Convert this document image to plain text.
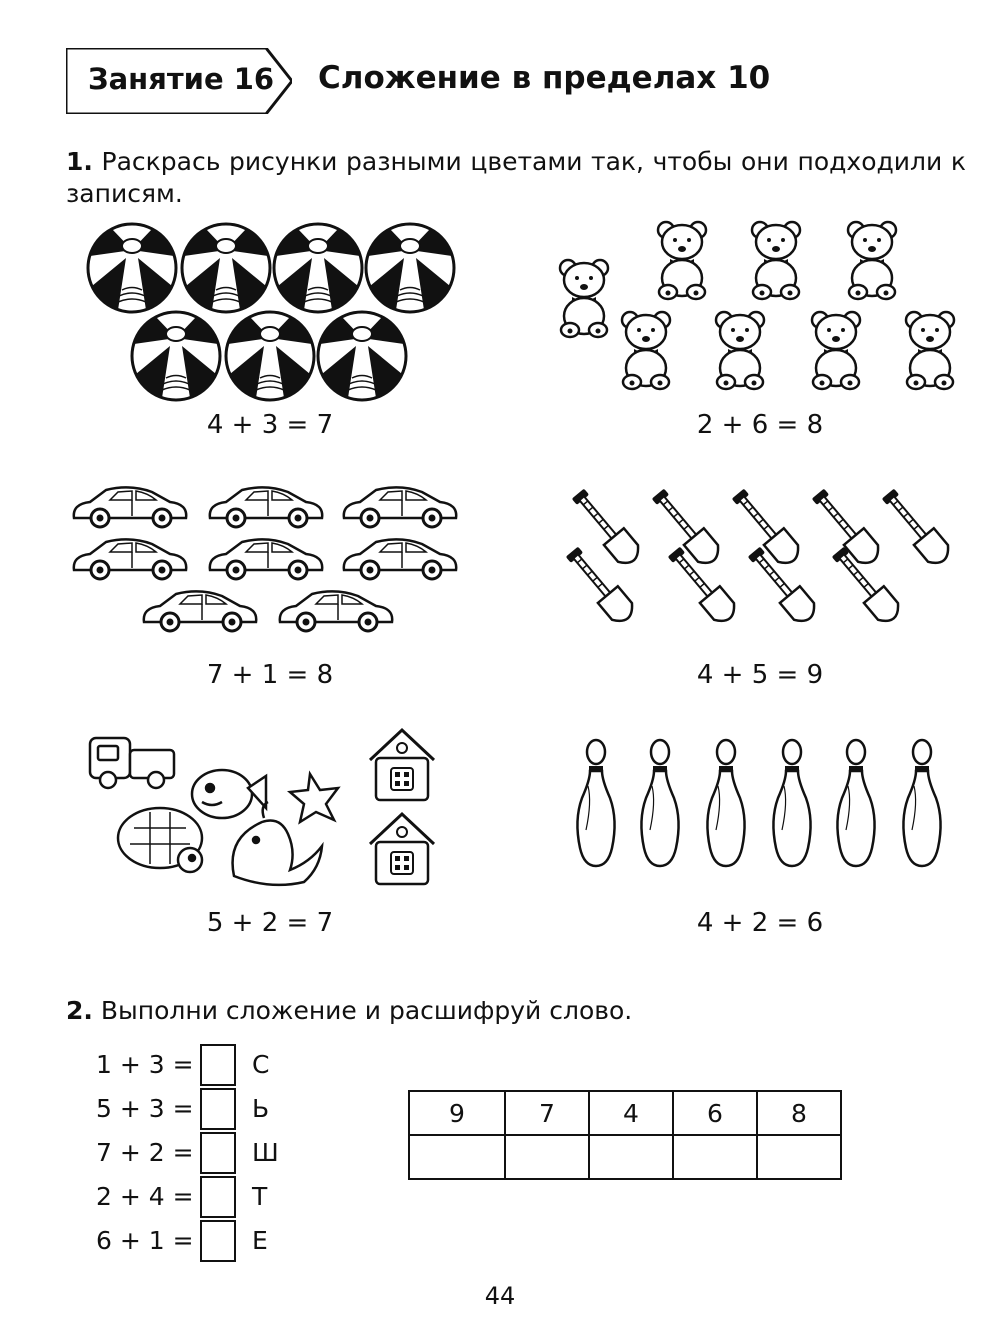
Занятие 16 Сложение в пределах 10
1. Раскрась рисунки разными цветами так, чтобы они подходили к записям.
4 + 3 = 7	2 + 6 = 8
7 + 1 = 8	4 + 5 = 9
5 + 2 = 7	4 + 2 = 6
2. Выполни сложение и расшифруй слово.
1 + 3 = С
5 + 3 = Ь
7 + 2 = Ш
2 + 4 = Т
6 + 1 = Е
9	7	4	6	8

44
